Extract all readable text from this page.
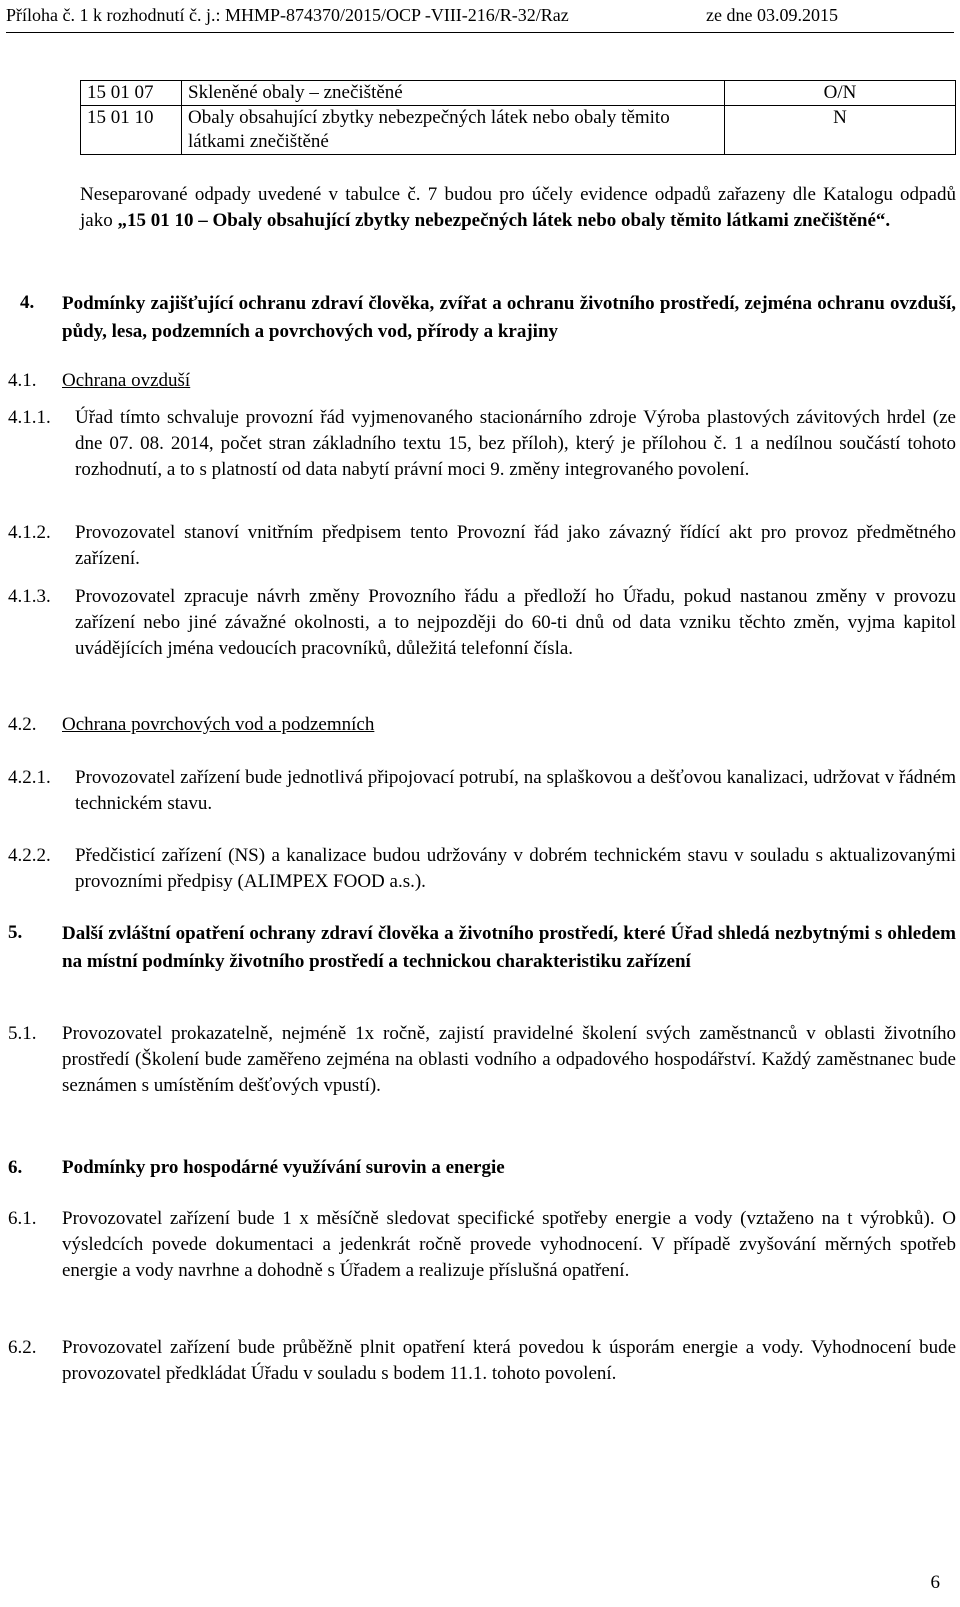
Příloha č. 1 k rozhodnutí č. j.: MHMP-874370/2015/OCP -VIII-216/R-32/Raz	ze dne 03.09.2015
15 01 07	Skleněné obaly – znečištěné	O/N
15 01 10	Obaly obsahující zbytky nebezpečných látek nebo obaly těmito látkami znečištěné	N
Neseparované odpady uvedené v tabulce č. 7 budou pro účely evidence odpadů zařazeny dle Katalogu odpadů jako „15 01 10 – Obaly obsahující zbytky nebezpečných látek nebo obaly těmito látkami znečištěné“.
4. Podmínky zajišťující ochranu zdraví člověka, zvířat a ochranu životního prostředí, zejména ochranu ovzduší, půdy, lesa, podzemních a povrchových vod, přírody a krajiny
4.1. Ochrana ovzduší
4.1.1. Úřad tímto schvaluje provozní řád vyjmenovaného stacionárního zdroje Výroba plastových závitových hrdel (ze dne 07. 08. 2014, počet stran základního textu 15, bez příloh), který je přílohou č. 1 a nedílnou součástí tohoto rozhodnutí, a to s platností od data nabytí právní moci 9. změny integrovaného povolení.
4.1.2. Provozovatel stanoví vnitřním předpisem tento Provozní řád jako závazný řídící akt pro provoz předmětného zařízení.
4.1.3. Provozovatel zpracuje návrh změny Provozního řádu a předloží ho Úřadu, pokud nastanou změny v provozu zařízení nebo jiné závažné okolnosti, a to nejpozději do 60-ti dnů od data vzniku těchto změn, vyjma kapitol uvádějících jména vedoucích pracovníků, důležitá telefonní čísla.
4.2. Ochrana povrchových vod a podzemních
4.2.1. Provozovatel zařízení bude jednotlivá připojovací potrubí, na splaškovou a dešťovou kanalizaci, udržovat v řádném technickém stavu.
4.2.2. Předčisticí zařízení (NS) a kanalizace budou udržovány v dobrém technickém stavu v souladu s aktualizovanými provozními předpisy (ALIMPEX FOOD a.s.).
5. Další zvláštní opatření ochrany zdraví člověka a životního prostředí, které Úřad shledá nezbytnými s ohledem na místní podmínky životního prostředí a technickou charakteristiku zařízení
5.1. Provozovatel prokazatelně, nejméně 1x ročně, zajistí pravidelné školení svých zaměstnanců v oblasti životního prostředí (Školení bude zaměřeno zejména na oblasti vodního a odpadového hospodářství. Každý zaměstnanec bude seznámen s umístěním dešťových vpustí).
6. Podmínky pro hospodárné využívání surovin a energie
6.1. Provozovatel zařízení bude 1 x měsíčně sledovat specifické spotřeby energie a vody (vztaženo na t výrobků). O výsledcích povede dokumentaci a jedenkrát ročně provede vyhodnocení. V případě zvyšování měrných spotřeb energie a vody navrhne a dohodně s Úřadem a realizuje příslušná opatření.
6.2. Provozovatel zařízení bude průběžně plnit opatření která povedou k úsporám energie a vody. Vyhodnocení bude provozovatel předkládat Úřadu v souladu s bodem 11.1. tohoto povolení.
6
